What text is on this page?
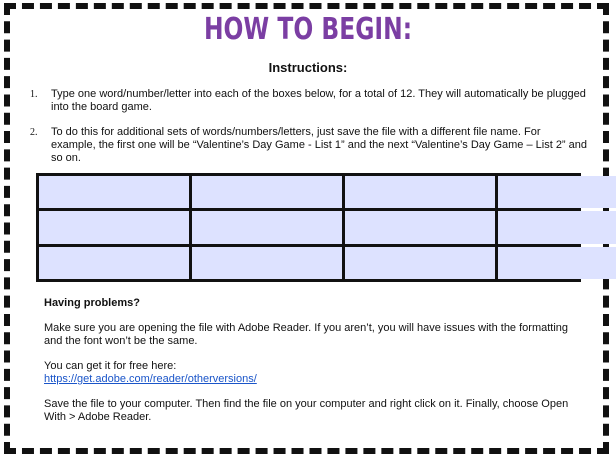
HOW TO BEGIN:
Instructions:
1.	Type one word/number/letter into each of the boxes below, for a total of 12. They will automatically be plugged into the board game.
2.	To do this for additional sets of words/numbers/letters, just save the file with a different file name. For example, the first one will be “Valentine’s Day Game - List 1” and the next “Valentine’s Day Game – List 2” and so on.

Having problems?

Make sure you are opening the file with Adobe Reader. If you aren’t, you will have issues with the formatting and the font won’t be the same.

You can get it for free here:
https://get.adobe.com/reader/otherversions/

Save the file to your computer. Then find the file on your computer and right click on it. Finally, choose Open With > Adobe Reader.
